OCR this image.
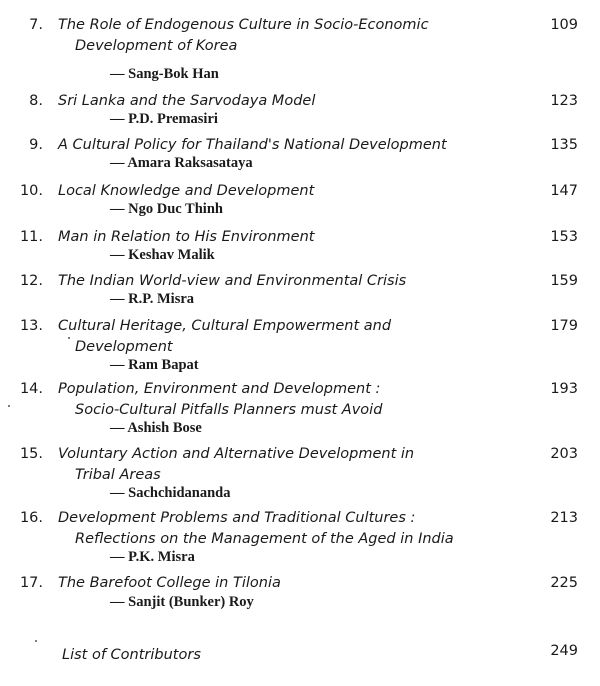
7. The Role of Endogenous Culture in Socio-Economic
Development of Korea
— Sang-Bok Han
109
8. Sri Lanka and the Sarvodaya Model
— P.D. Premasiri
123
9. A Cultural Policy for Thailand's National Development
— Amara Raksasataya
135
10. Local Knowledge and Development
— Ngo Duc Thinh
147
11. Man in Relation to His Environment
— Keshav Malik
153
12. The Indian World-view and Environmental Crisis
— R.P. Misra
159
13. Cultural Heritage, Cultural Empowerment and
Development
— Ram Bapat
179
14. Population, Environment and Development :
Socio-Cultural Pitfalls Planners must Avoid
— Ashish Bose
193
15. Voluntary Action and Alternative Development in
Tribal Areas
— Sachchidananda
203
16. Development Problems and Traditional Cultures :
Reflections on the Management of the Aged in India
— P.K. Misra
213
17. The Barefoot College in Tilonia
— Sanjit (Bunker) Roy
225
List of Contributors	249
